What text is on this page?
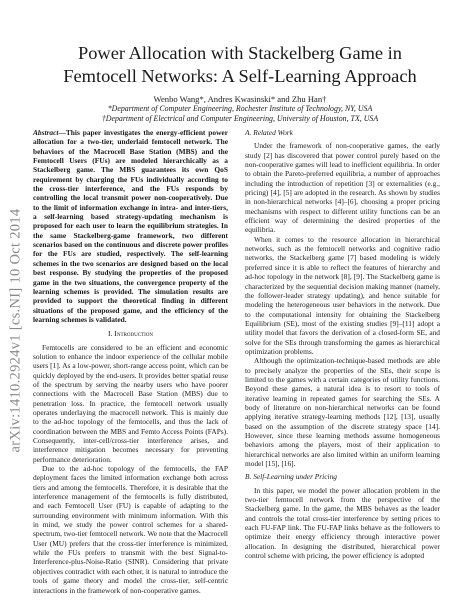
arXiv:1410.2924v1 [cs.NI] 10 Oct 2014
Power Allocation with Stackelberg Game in
Femtocell Networks: A Self-Learning Approach
Wenbo Wang*, Andres Kwasinski* and Zhu Han†
*Department of Computer Engineering, Rochester Institute of Technology, NY, USA
†Department of Electrical and Computer Engineering, University of Houston, TX, USA

Abstract—This paper investigates the energy-efficient power allocation for a two-tier, underlaid femtocell network. The behaviors of the Macrocell Base Station (MBS) and the Femtocell Users (FUs) are modeled hierarchically as a Stackelberg game. The MBS guarantees its own QoS requirement by charging the FUs individually according to the cross-tier interference, and the FUs responds by controlling the local transmit power non-cooperatively. Due to the limit of information exchange in intra- and inter-tiers, a self-learning based strategy-updating mechanism is proposed for each user to learn the equilibrium strategies. In the same Stackelberg-game framework, two different scenarios based on the continuous and discrete power profiles for the FUs are studied, respectively. The self-learning schemes in the two scenarios are designed based on the local best response. By studying the properties of the proposed game in the two situations, the convergence property of the learning schemes is provided. The simulation results are provided to support the theoretical finding in different situations of the proposed game, and the efficiency of the learning schemes is validated.

I. Introduction

Femtocells are considered to be an efficient and economic solution to enhance the indoor experience of the cellular mobile users [1]. As a low-power, short-range access point, which can be quickly deployed by the end-users. It provides better spatial reuse of the spectrum by serving the nearby users who have poorer connections with the Macrocell Base Station (MBS) due to penetration loss. In practice, the femtocell network usually operates underlaying the macrocell network. This is mainly due to the ad-hoc topology of the femtocells, and thus the lack of coordination between the MBS and Femto Access Points (FAPs). Consequently, inter-cell/cross-tier interference arises, and interference mitigation becomes necessary for preventing performance deterioration.

Due to the ad-hoc topology of the femtocells, the FAP deployment faces the limited information exchange both across tiers and among the femtocells. Therefore, it is desirable that the interference management of the femtocells is fully distributed, and each Femtocell User (FU) is capable of adapting to the surrounding environment with minimum information. With this in mind, we study the power control schemes for a shared-spectrum, two-tier femtocell network. We note that the Macrocell User (MU) prefers that the cross-tier interference is minimized, while the FUs prefers to transmit with the best Signal-to-Interference-plus-Noise-Ratio (SINR). Considering that private objectives contradict with each other, it is natural to introduce the tools of game theory and model the cross-tier, self-centric interactions in the framework of non-cooperative games.

A. Related Work

Under the framework of non-cooperative games, the early study [2] has discovered that power control purely based on the non-cooperative games will lead to inefficient equilibria. In order to obtain the Pareto-preferred equilibria, a number of approaches including the introduction of repetition [3] or externalities (e.g., pricing) [4], [5] are adopted in the research. As shown by studies in non-hierarchical networks [4]–[6], choosing a proper pricing mechanisms with respect to different utility functions can be an efficient way of determining the desired properties of the equilibria.

When it comes to the resource allocation in hierarchical networks, such as the femtocell networks and cognitive radio networks, the Stackelberg game [7] based modeling is widely preferred since it is able to reflect the features of hierarchy and ad-hoc topology in the network [8], [9]. The Stackelberg game is characterized by the sequential decision making manner (namely, the follower-leader strategy updating), and hence suitable for modeling the heterogeneous user behaviors in the network. Due to the computational intensity for obtaining the Stackelberg Equilibrium (SE), most of the existing studies [9]–[11] adopt a utility model that favors the derivation of a closed-form SE, and solve for the SEs through transforming the games as hierarchical optimization problems.

Although the optimization-technique-based methods are able to precisely analyze the properties of the SEs, their scope is limited to the games with a certain categories of utility functions. Beyond these games, a natural idea is to resort to tools of iterative learning in repeated games for searching the SEs. A body of literature on non-hierarchical networks can be found applying iterative strategy-learning methods [12], [13], usually based on the assumption of the discrete strategy space [14]. However, since these learning methods assume homogeneous behaviors among the players, most of their application to hierarchical networks are also limited within an uniform learning model [15], [16].

B. Self-Learning under Pricing

In this paper, we model the power allocation problem in the two-tier femtocell network from the perspective of the Stackelberg game. In the game, the MBS behaves as the leader and controls the total cross-tier interference by setting prices to each FU-FAP link. The FU-FAP links behave as the followers to optimize their energy efficiency through interactive power allocation. In designing the distributed, hierarchical power control scheme with pricing, the power efficiency is adopted
